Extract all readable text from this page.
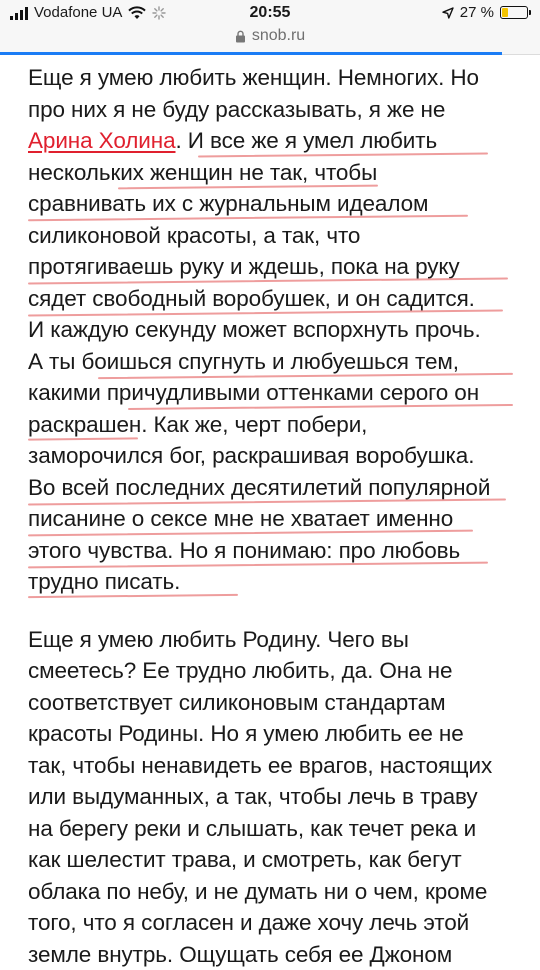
Vodafone UA	20:55	27 %
snob.ru
Еще я умею любить женщин. Немногих. Но
про них я не буду рассказывать, я же не
Арина Холина. И все же я умел любить
нескольких женщин не так, чтобы
сравнивать их с журнальным идеалом
силиконовой красоты, а так, что
протягиваешь руку и ждешь, пока на руку
сядет свободный воробушек, и он садится.
И каждую секунду может вспорхнуть прочь.
А ты боишься спугнуть и любуешься тем,
какими причудливыми оттенками серого он
раскрашен. Как же, черт побери,
заморочился бог, раскрашивая воробушка.
Во всей последних десятилетий популярной
писанине о сексе мне не хватает именно
этого чувства. Но я понимаю: про любовь
трудно писать.
Еще я умею любить Родину. Чего вы
смеетесь? Ее трудно любить, да. Она не
соответствует силиконовым стандартам
красоты Родины. Но я умею любить ее не
так, чтобы ненавидеть ее врагов, настоящих
или выдуманных, а так, чтобы лечь в траву
на берегу реки и слышать, как течет река и
как шелестит трава, и смотреть, как бегут
облака по небу, и не думать ни о чем, кроме
того, что я согласен и даже хочу лечь этой
земле внутрь. Ощущать себя ее Джоном
